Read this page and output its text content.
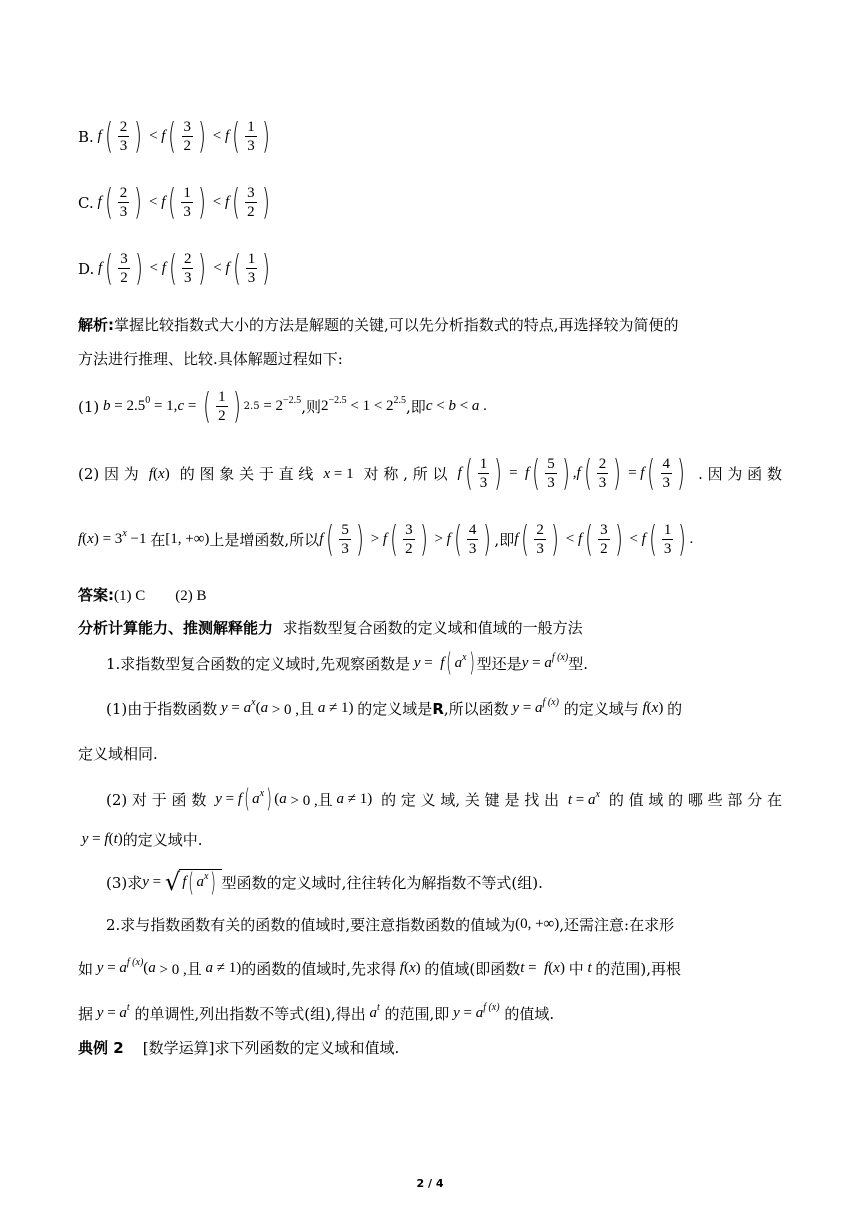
B. f ( $\frac{2}{3}$ ) < f ( $\frac{3}{2}$ ) < f ( $\frac{1}{3}$ )
C. f ( $\frac{2}{3}$ ) < f ( $\frac{1}{3}$ ) < f ( $\frac{3}{2}$ )
D. f ( $\frac{3}{2}$ ) < f ( $\frac{2}{3}$ ) < f ( $\frac{1}{3}$ )
解析: 掌握比较指数式大小的方法是解题的关键,可以先分析指数式的特点,再选择较为简便的
方法进行推理、比较.具体解题过程如下:
(1) $b = 2.5^0 = 1$, c = ( $\frac{1}{2}$ ) $2.5 = 2^{-2.5}$ ,则 $2^{-2.5} < 1 < 2^{2.5}$ ,即 c < b < a .
(2) 因 为 f(x) 的 图 象 关 于 直 线 x = 1 对 称 , 所 以 f ( $\frac{1}{3}$ ) = f ( $\frac{5}{3}$ ) , f ( $\frac{2}{3}$ ) = f ( $\frac{4}{3}$ ) . 因 为 函 数
f ( x ) = $3^x -1$ 在 [1, +∞) 上是增函数,所以 f ( $\frac{5}{3}$ ) > f ( $\frac{3}{2}$ ) > f ( $\frac{4}{3}$ ) ,即 f ( $\frac{2}{3}$ ) < f ( $\frac{3}{2}$ ) < f ( $\frac{1}{3}$ ) .
答案: (1) C　　(2) B
分析计算能力、推测解释能力
求指数型复合函数的定义域和值域的一般方法
1.求指数型复合函数的定义域时,先观察函数是 y = f ( $a^x$ ) 型还是 $y = a^{f (x)}$ 型.
(1)由于指数函数 $y = a^x$ ( a > 0 ,且 a ≠ 1) 的定义域是 R ,所以函数 $y = a^{f (x)}$
的定义域与 f ( x ) 的
定义域相同.
(2) 对 于 函 数 y = f ( $a^x$ ) ( a > 0 ,且 a ≠ 1) 的 定 义 域, 关 键 是 找 出 $t = a^x$ 的 值 域 的 哪 些 部 分 在
y = f ( t ) 的定义域中.
(3)求 y = √ f ( $a^x$ ) 型函数的定义域时,往往转化为解指数不等式(组).
2.求与指数函数有关的函数的值域时,要注意指数函数的值域为 (0, +∞) ,还需注意:在求形
如 $y = a^{f (x)}$ ( a > 0 ,且 a ≠ 1) 的函数的值域时,先求得 f ( x ) 的值域(即函数 t = f ( x ) 中 t 的范围),再根
据 $y = a^t$
的单调性,列出指数不等式(组),得出 $a^t$
的范围,即 $y = a^{f (x)}$
的值域.
典例 2
[数学运算]求下列函数的定义域和值域.
2 / 4
